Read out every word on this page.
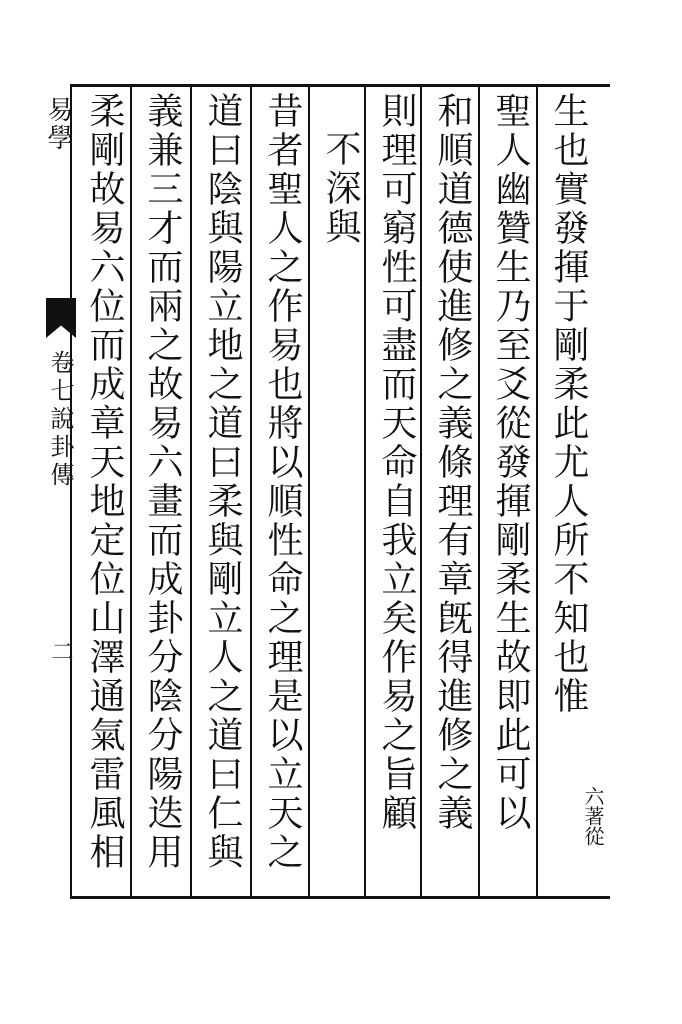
生也實發揮于剛柔此尤人所不知也惟
六著從
聖人幽贊生乃至爻從發揮剛柔生故即此可以
和順道德使進修之義條理有章旣得進修之義
則理可窮性可盡而天命自我立矣作易之旨顧
不深與
昔者聖人之作易也將以順性命之理是以立天之
道曰陰與陽立地之道曰柔與剛立人之道曰仁與
義兼三才而兩之故易六畫而成卦分陰分陽迭用
柔剛故易六位而成章天地定位山澤通氣雷風相
易學
卷七說卦傳
二
